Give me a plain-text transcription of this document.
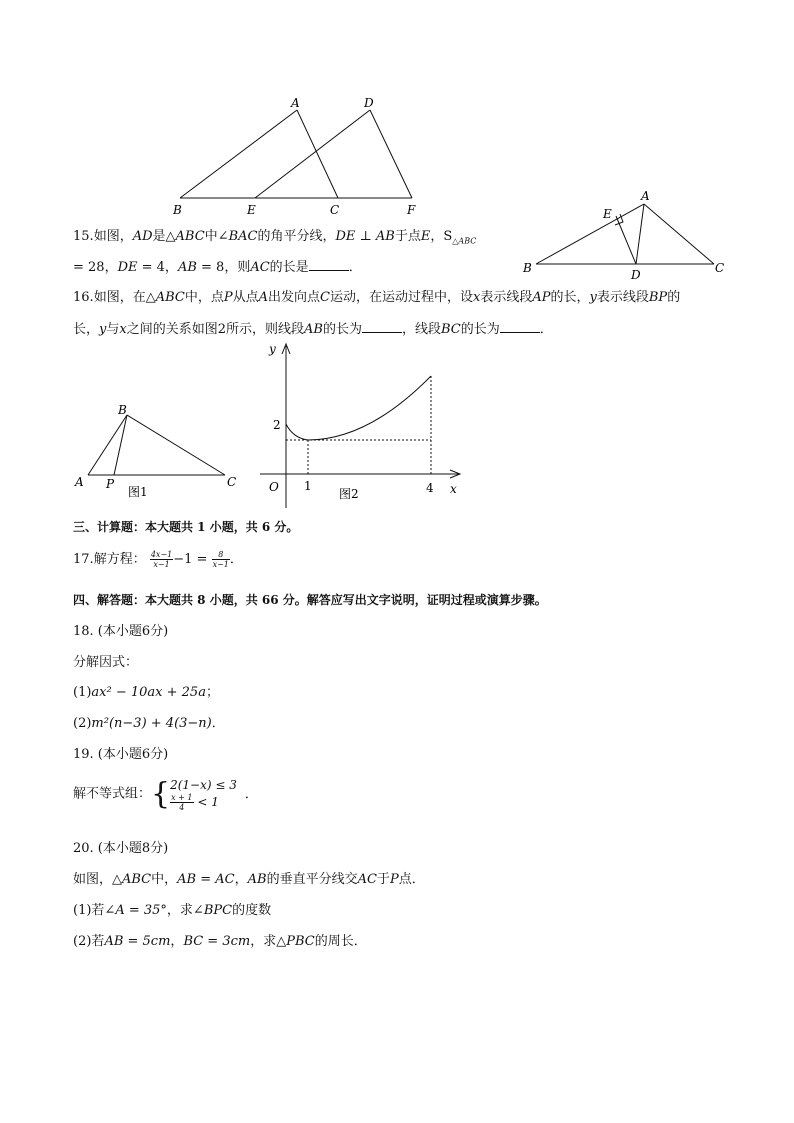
A	D
B	E	C	F
A
E
B	D	C
15.如图，AD是△ABC中∠BAC的角平分线，DE ⊥ AB于点E，$S_{\triangle ABC}$
= 28，DE = 4，AB = 8，则AC的长是	．
16.如图，在△ABC中，点P从点A出发向点C运动，在运动过程中，设x表示线段AP的长，y表示线段BP的
长，y与x之间的关系如图2所示，则线段AB的长为	，线段BC的长为	．
B
A P	C
图1
y
2
O 1	4 x
图2
三、计算题：本大题共 1 小题，共 6 分。
17.解方程： $\frac{4x-1}{x-1} -1 = \frac{8}{x-1}$ ．
四、解答题：本大题共 8 小题，共 66 分。解答应写出文字说明，证明过程或演算步骤。
18. (本小题6分)
分解因式：
(1)ax² − 10ax + 25a；
(2)m²(n−3) + 4(3−n)．
19. (本小题6分)
解不等式组：{ 2(1−x) ≤ 3
$\frac{x + 1}{4} < 1$
．
20. (本小题8分)
如图，△ABC中，AB = AC，AB的垂直平分线交AC于P点．
(1)若∠A = 35°，求∠BPC的度数
(2)若AB = 5cm，BC = 3cm，求△PBC的周长．
